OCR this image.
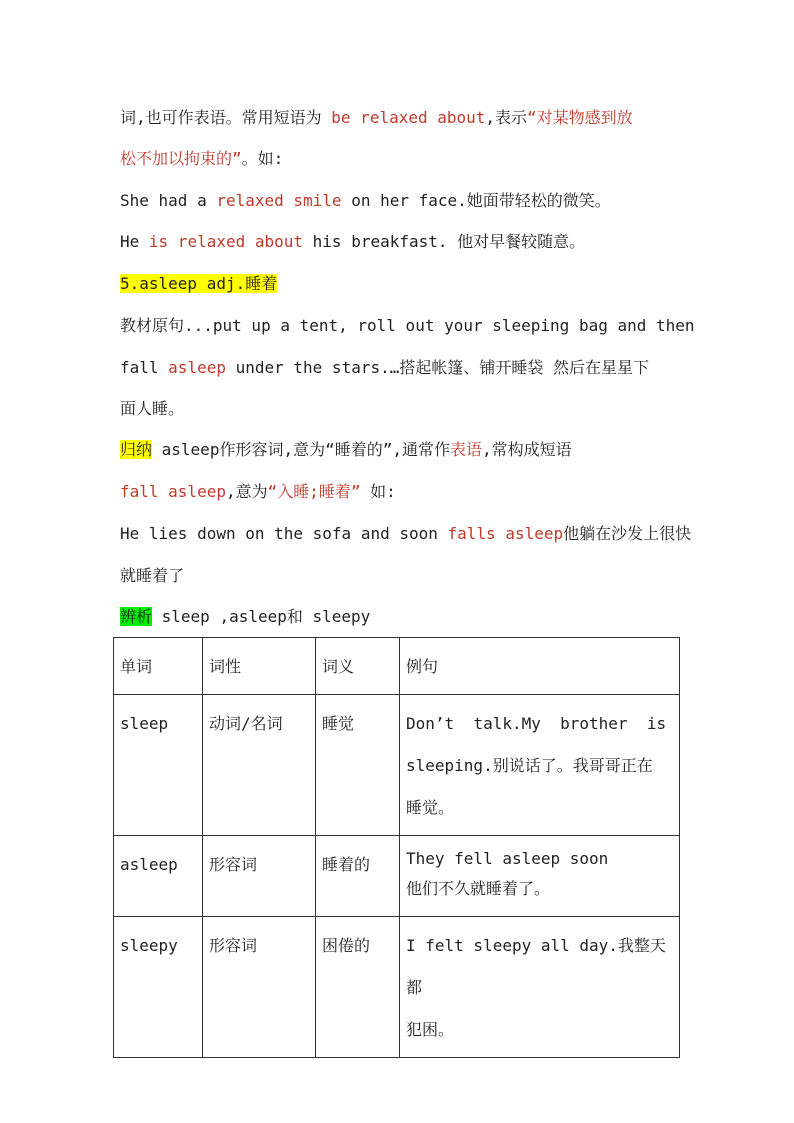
词,也可作表语。常用短语为 be relaxed about,表示“对某物感到放
松不加以拘束的”。如:
She had a relaxed smile on her face.她面带轻松的微笑。
He is relaxed about his breakfast. 他对早餐较随意。
5.asleep adj.睡着
教材原句...put up a tent, roll out your sleeping bag and then
fall asleep under the stars.…搭起帐篷、铺开睡袋 然后在星星下
面人睡。
归纳 asleep作形容词,意为“睡着的”,通常作表语,常构成短语
fall asleep,意为“入睡;睡着” 如:
He lies down on the sofa and soon falls asleep他躺在沙发上很快
就睡着了
辨析 sleep ,asleep和 sleepy
单词	词性	词义	例句
sleep	动词/名词	睡觉	Don’t  talk.My  brother  is
sleeping.别说话了。我哥哥正在
睡觉。

asleep	形容词	睡着的	They fell asleep soon
他们不久就睡着了。

sleepy	形容词	困倦的	I felt sleepy all day.我整天都
犯困。
